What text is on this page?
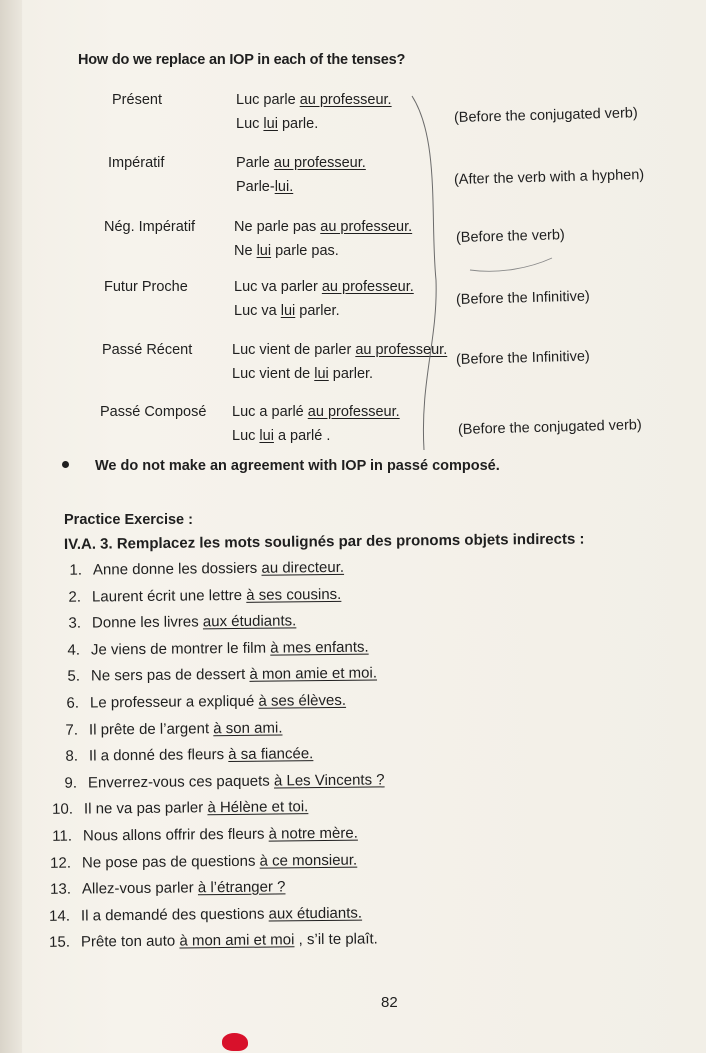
How do we replace an IOP in each of the tenses?
Présent	Luc parle au professeur.
Luc lui parle.	(Before the conjugated verb)
Impératif	Parle au professeur.
Parle-lui.	(After the verb with a hyphen)
Nég. Impératif	Ne parle pas au professeur.
Ne lui parle pas.
(Before the verb)
Futur Proche	Luc va parler au professeur.
Luc va lui parler.
(Before the Infinitive)
Passé Récent	Luc vient de parler au professeur.
Luc vient de lui parler.
(Before the Infinitive)
Passé Composé Luc a parlé au professeur.
Luc lui a parlé .	(Before the conjugated verb)
We do not make an agreement with IOP in passé composé.
Practice Exercise :
IV.A. 3. Remplacez les mots soulignés par des pronoms objets indirects :
1. Anne donne les dossiers au directeur.
2. Laurent écrit une lettre à ses cousins.
3. Donne les livres aux étudiants.
4. Je viens de montrer le film à mes enfants.
5. Ne sers pas de dessert à mon amie et moi.
6. Le professeur a expliqué à ses élèves.
7. Il prête de l’argent à son ami.
8. Il a donné des fleurs à sa fiancée.
9. Enverrez-vous ces paquets à Les Vincents ?
10. Il ne va pas parler à Hélène et toi.
11. Nous allons offrir des fleurs à notre mère.
12. Ne pose pas de questions à ce monsieur.
13. Allez-vous parler à l’étranger ?
14. Il a demandé des questions aux étudiants.
15. Prête ton auto à mon ami et moi , s’il te plaît.
82
